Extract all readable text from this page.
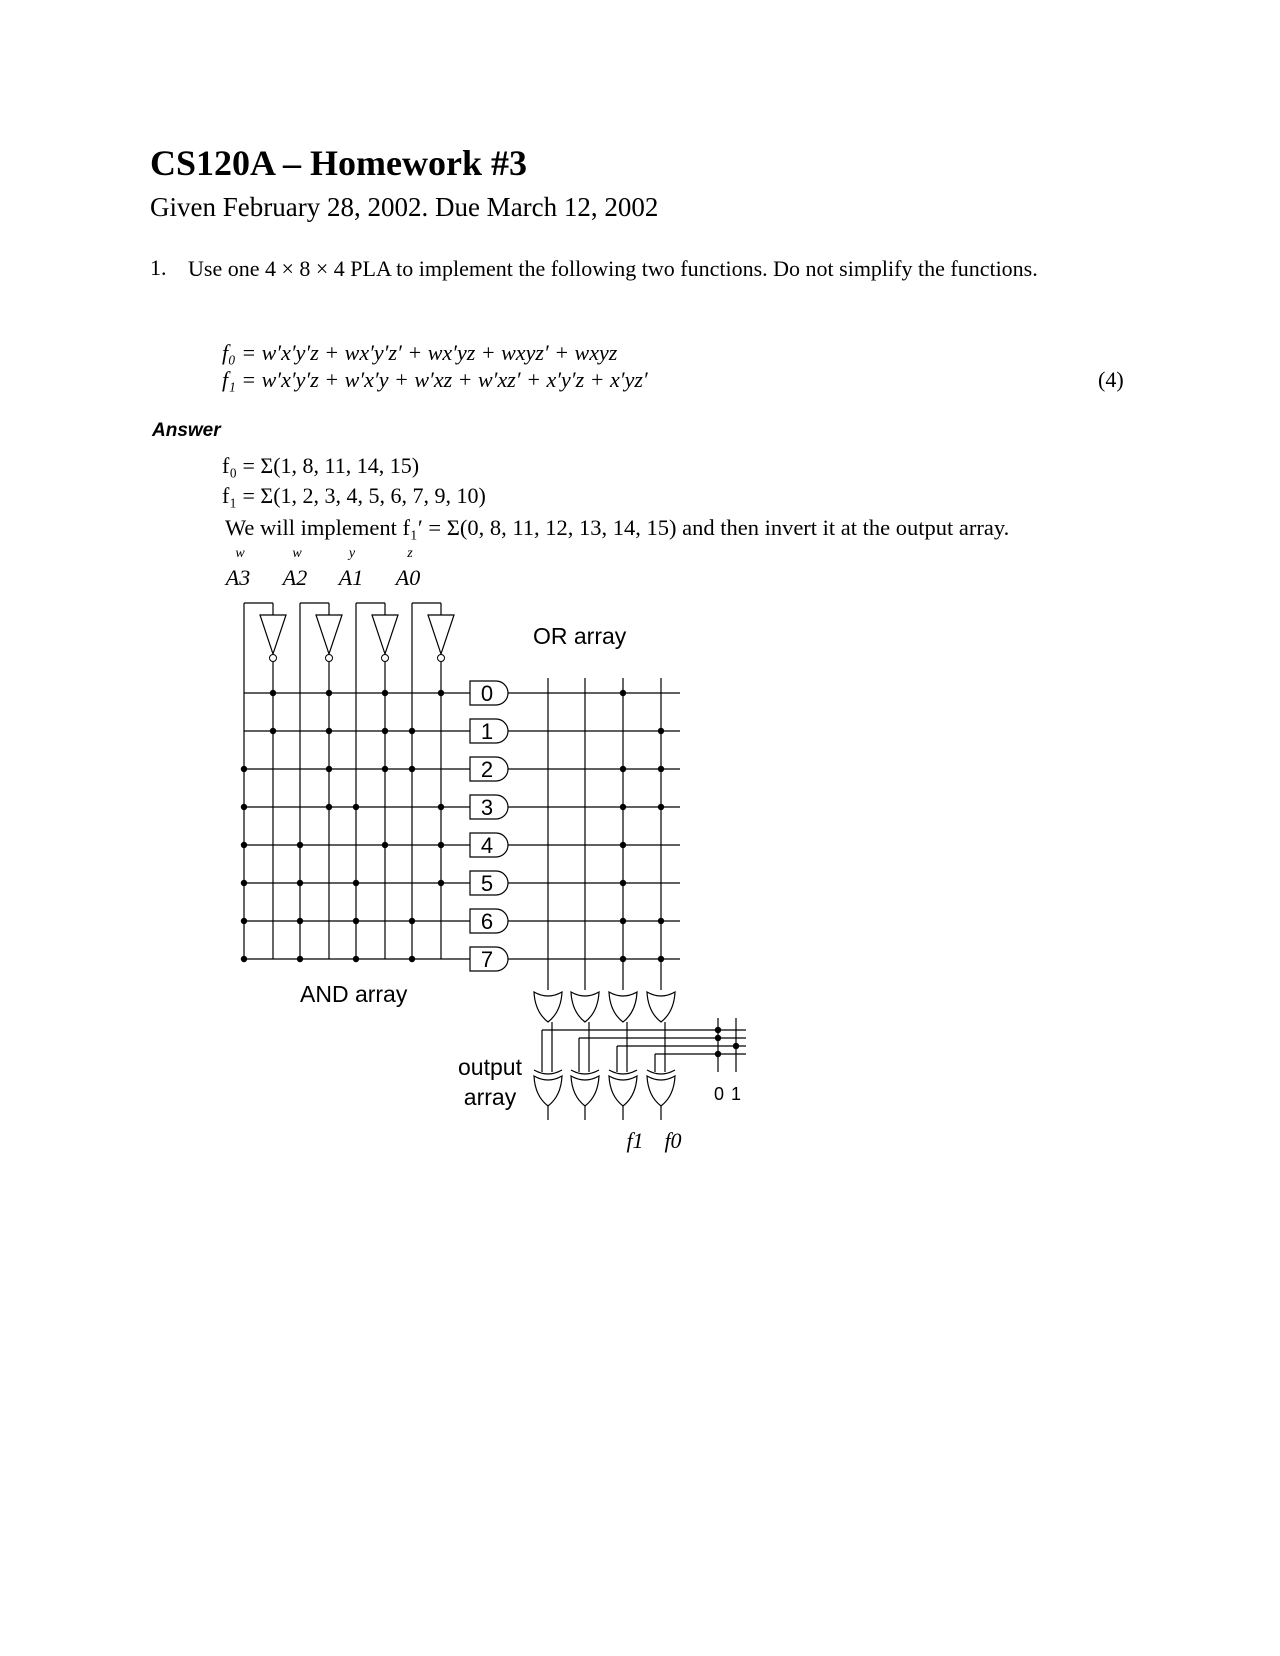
CS120A – Homework #3
Given February 28, 2002. Due March 12, 2002
1. Use one 4 × 8 × 4 PLA to implement the following two functions. Do not simplify the functions.
f₀ = w′x′y′z + wx′y′z′ + wx′yz + wxyz′ + wxyz
f₁ = w′x′y′z + w′x′y + w′xz + w′xz′ + x′y′z + x′yz′	(4)
Answer
f₀ = Σ(1, 8, 11, 14, 15)
f₁ = Σ(1, 2, 3, 4, 5, 6, 7, 9, 10)
We will implement f₁′ = Σ(0, 8, 11, 12, 13, 14, 15) and then invert it at the output array.
w	w	y	z
A3 A2 A1 A0
OR array
AND array
output
array
f1 f0
0 1
0
1
2
3
4
5
6
7
